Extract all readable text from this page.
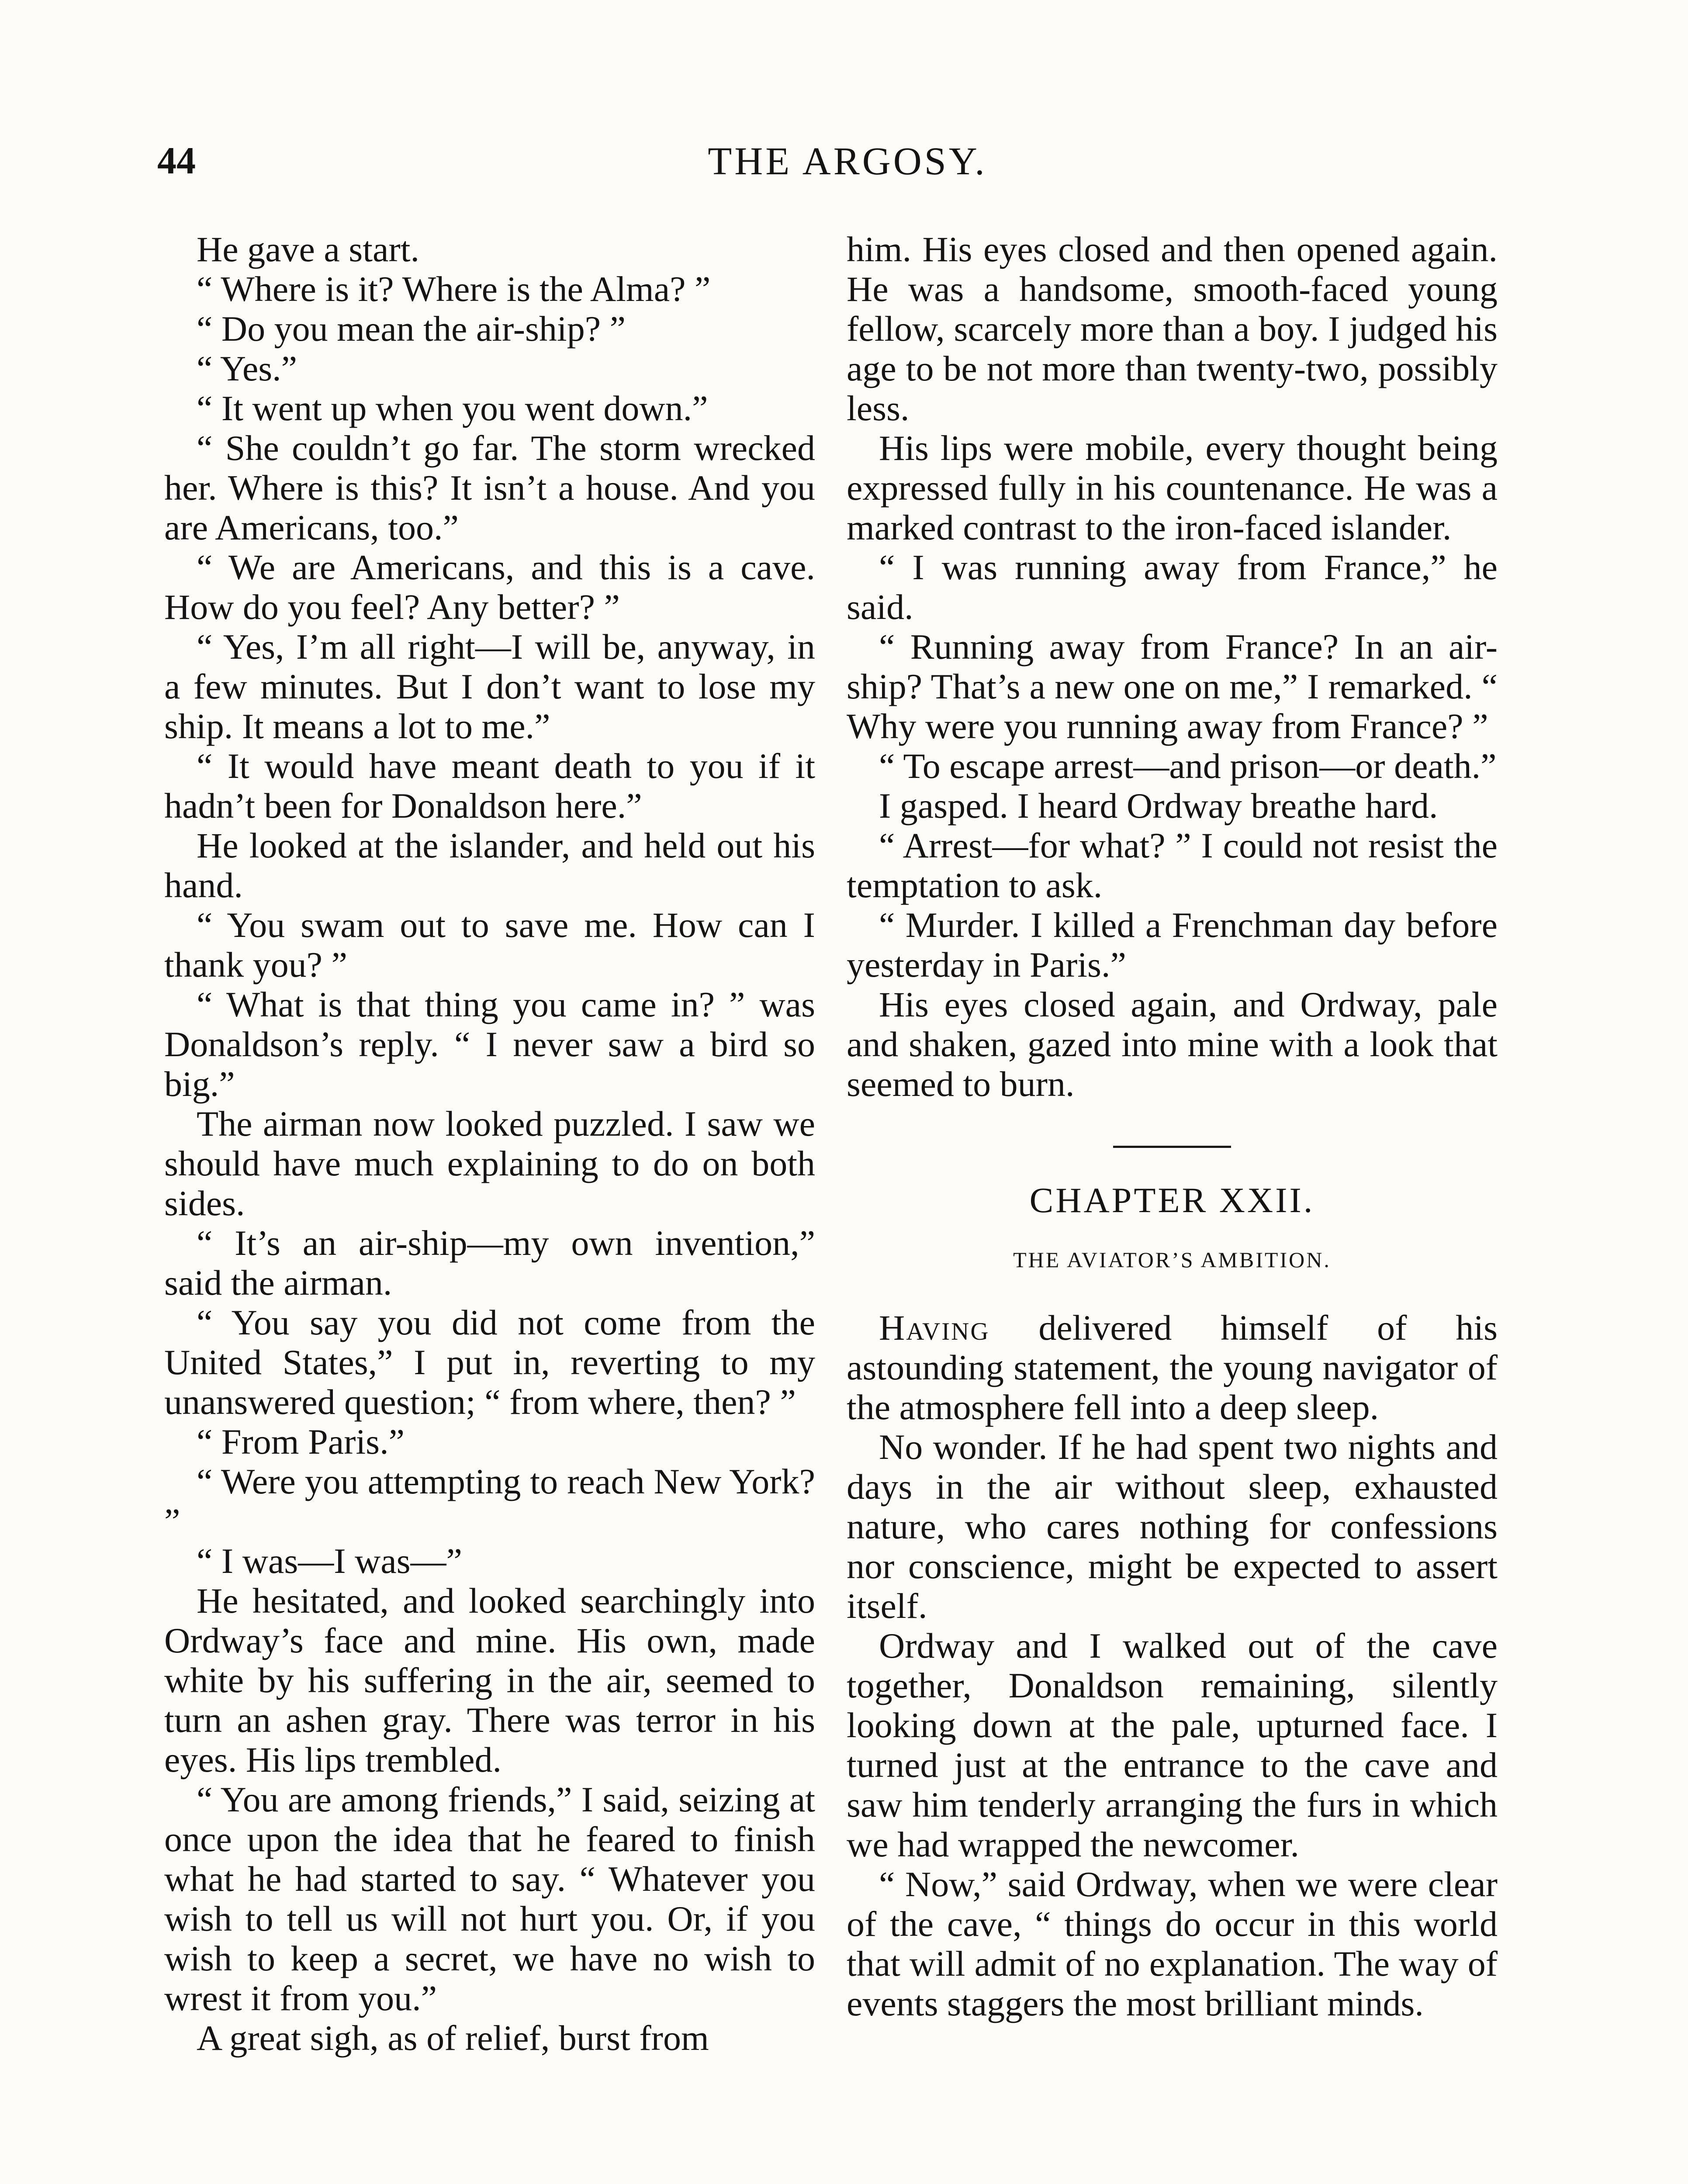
44	THE ARGOSY.

He gave a start.

“ Where is it? Where is the Alma? ”

“ Do you mean the air-ship? ”

“ Yes.”

“ It went up when you went down.”

“ She couldn’t go far. The storm wrecked her. Where is this? It isn’t a house. And you are Americans, too.”

“ We are Americans, and this is a cave. How do you feel? Any better? ”

“ Yes, I’m all right—I will be, anyway, in a few minutes. But I don’t want to lose my ship. It means a lot to me.”

“ It would have meant death to you if it hadn’t been for Donaldson here.”

He looked at the islander, and held out his hand.

“ You swam out to save me. How can I thank you? ”

“ What is that thing you came in? ” was Donaldson’s reply. “ I never saw a bird so big.”

The airman now looked puzzled. I saw we should have much explaining to do on both sides.

“ It’s an air-ship—my own invention,” said the airman.

“ You say you did not come from the United States,” I put in, reverting to my unanswered question; “ from where, then? ”

“ From Paris.”

“ Were you attempting to reach New York? ”

“ I was—I was—”

He hesitated, and looked searchingly into Ordway’s face and mine. His own, made white by his suffering in the air, seemed to turn an ashen gray. There was terror in his eyes. His lips trembled.

“ You are among friends,” I said, seizing at once upon the idea that he feared to finish what he had started to say. “ Whatever you wish to tell us will not hurt you. Or, if you wish to keep a secret, we have no wish to wrest it from you.”

A great sigh, as of relief, burst from

him. His eyes closed and then opened again. He was a handsome, smooth-faced young fellow, scarcely more than a boy. I judged his age to be not more than twenty-two, possibly less.

His lips were mobile, every thought being expressed fully in his countenance. He was a marked contrast to the iron-faced islander.

“ I was running away from France,” he said.

“ Running away from France? In an air-ship? That’s a new one on me,” I remarked. “ Why were you running away from France? ”

“ To escape arrest—and prison—or death.”

I gasped. I heard Ordway breathe hard.

“ Arrest—for what? ” I could not resist the temptation to ask.

“ Murder. I killed a Frenchman day before yesterday in Paris.”

His eyes closed again, and Ordway, pale and shaken, gazed into mine with a look that seemed to burn.

CHAPTER XXII.
THE AVIATOR’S AMBITION.

Having delivered himself of his astounding statement, the young navigator of the atmosphere fell into a deep sleep.

No wonder. If he had spent two nights and days in the air without sleep, exhausted nature, who cares nothing for confessions nor conscience, might be expected to assert itself.

Ordway and I walked out of the cave together, Donaldson remaining, silently looking down at the pale, upturned face. I turned just at the entrance to the cave and saw him tenderly arranging the furs in which we had wrapped the newcomer.

“ Now,” said Ordway, when we were clear of the cave, “ things do occur in this world that will admit of no explanation. The way of events staggers the most brilliant minds.
